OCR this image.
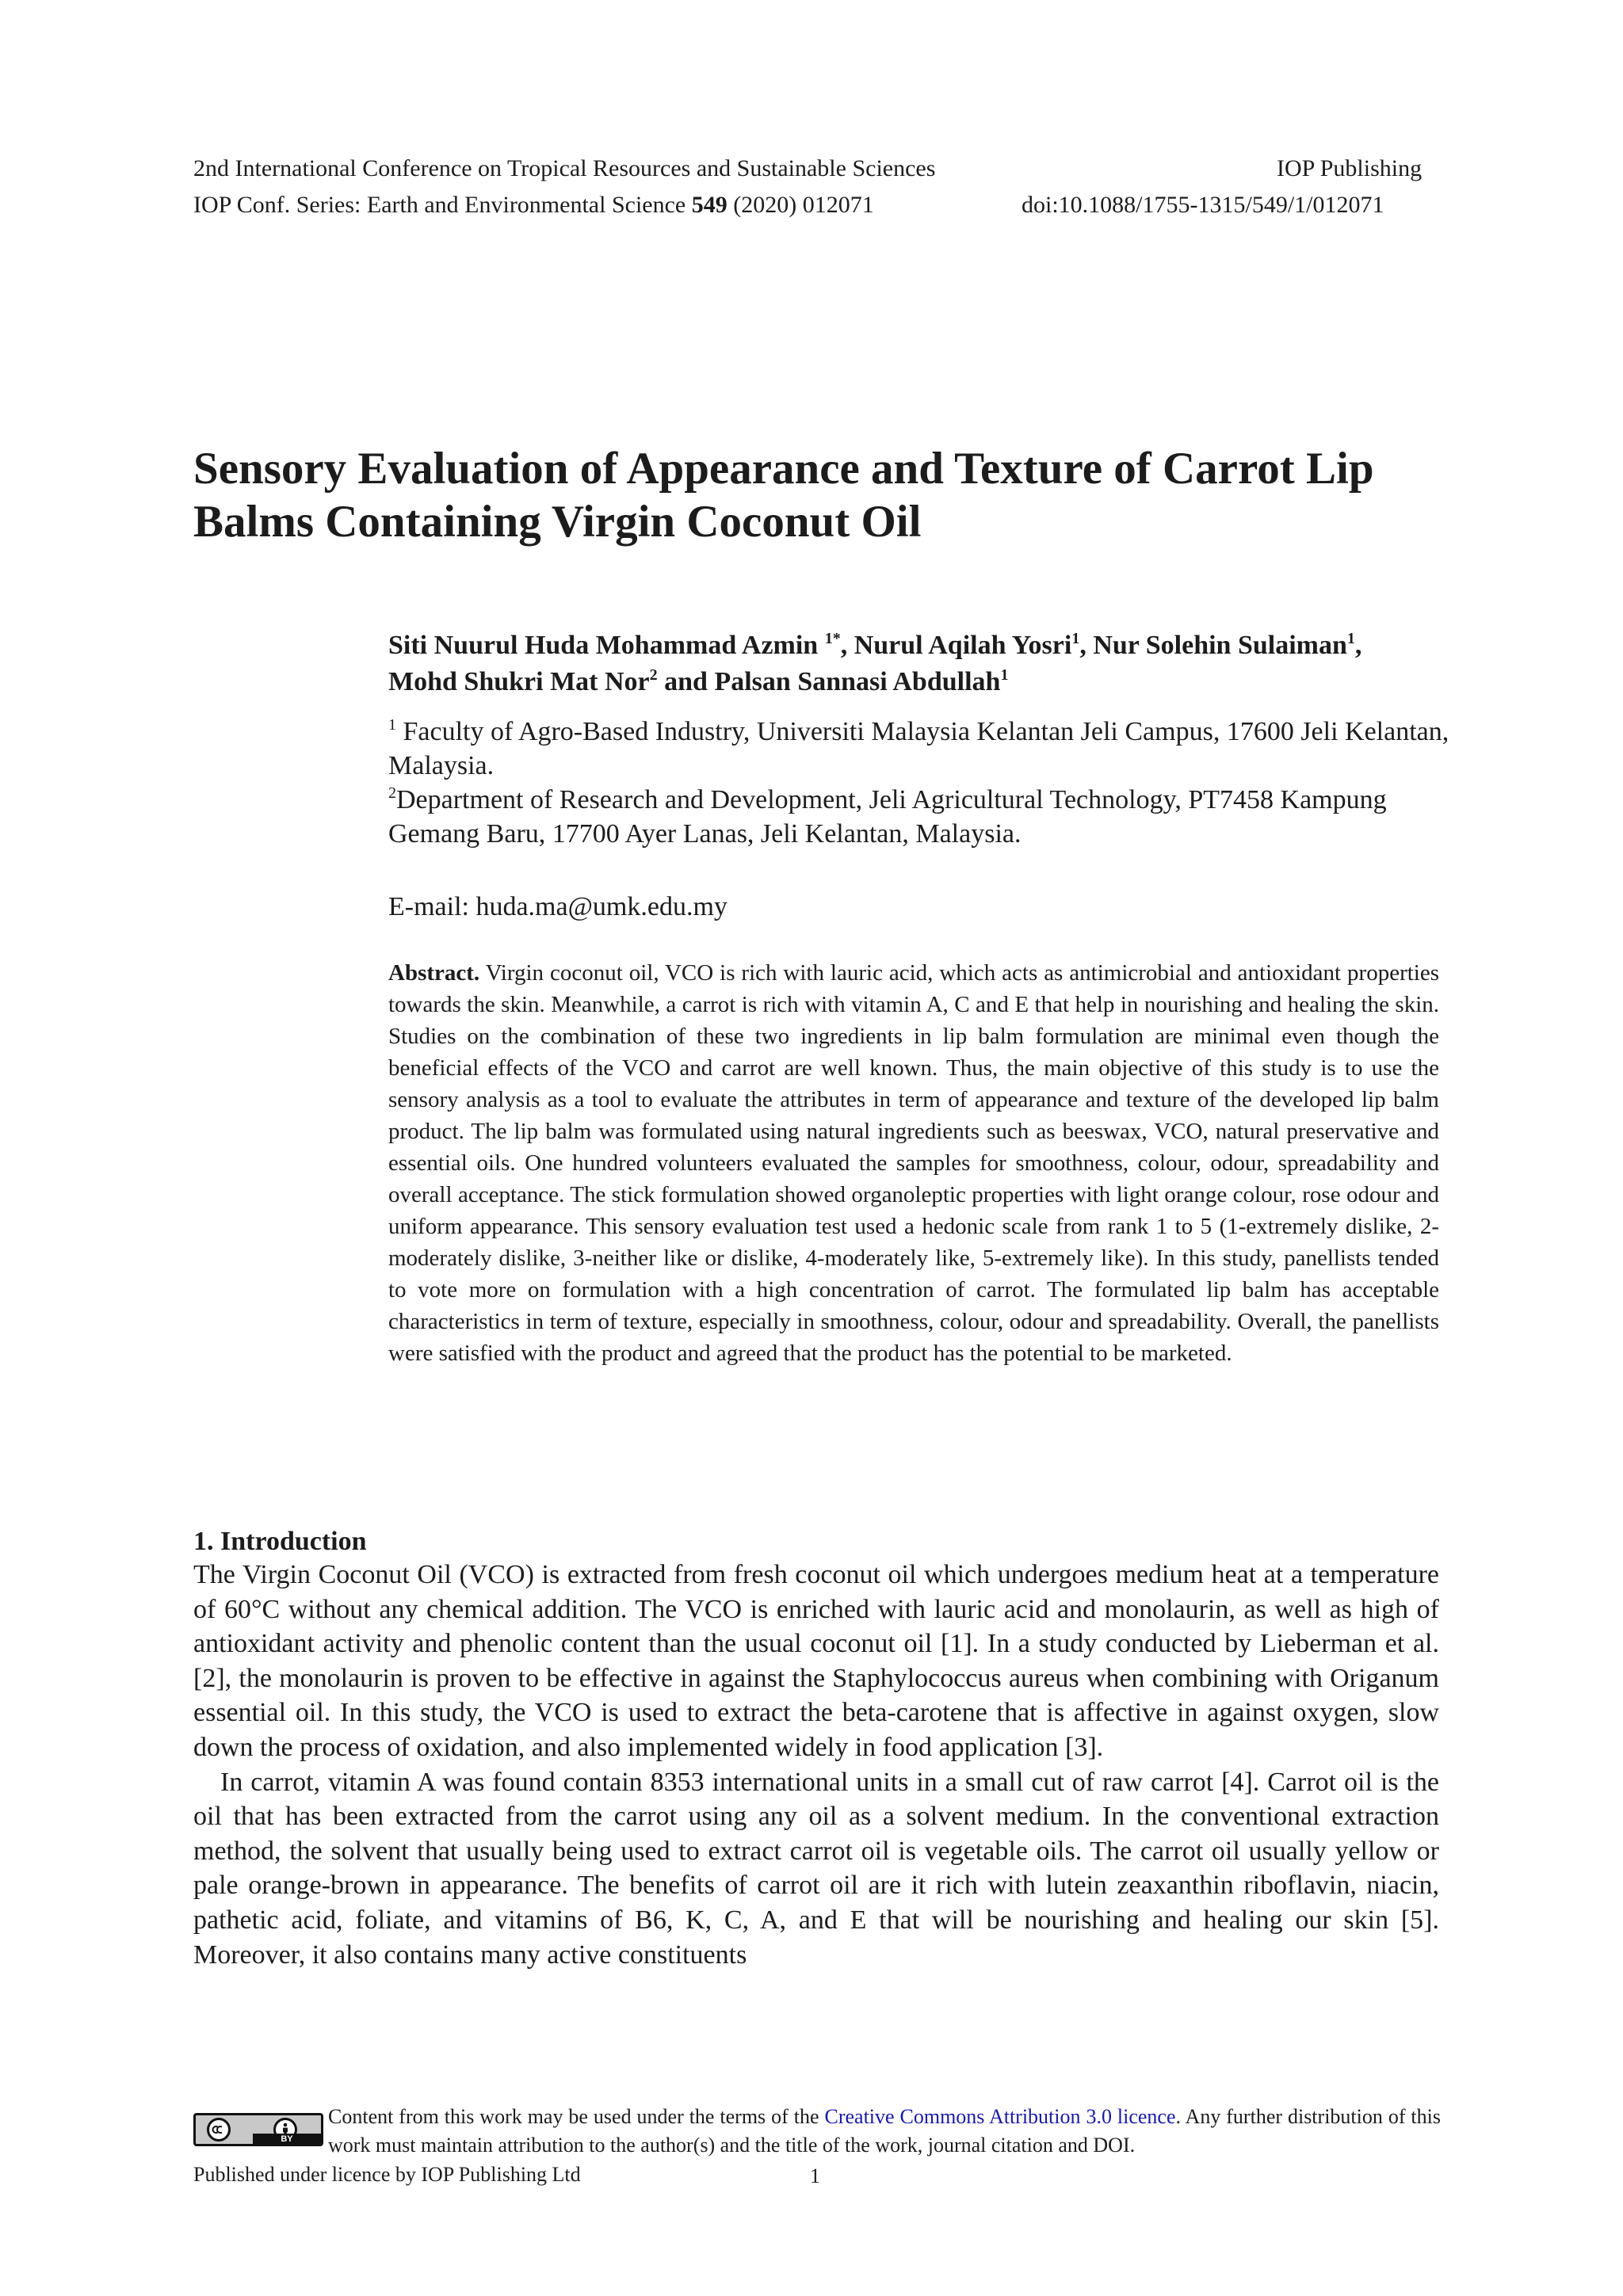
2nd International Conference on Tropical Resources and Sustainable Sciences	IOP Publishing
IOP Conf. Series: Earth and Environmental Science 549 (2020) 012071	doi:10.1088/1755-1315/549/1/012071
Sensory Evaluation of Appearance and Texture of Carrot Lip Balms Containing Virgin Coconut Oil
Siti Nuurul Huda Mohammad Azmin $^{1*}$, Nurul Aqilah Yosri$^1$, Nur Solehin Sulaiman$^1$, Mohd Shukri Mat Nor$^2$ and Palsan Sannasi Abdullah$^1$

$^1$ Faculty of Agro-Based Industry, Universiti Malaysia Kelantan Jeli Campus, 17600 Jeli Kelantan, Malaysia.

$^2$Department of Research and Development, Jeli Agricultural Technology, PT7458 Kampung Gemang Baru, 17700 Ayer Lanas, Jeli Kelantan, Malaysia.

E-mail: huda.ma@umk.edu.my

Abstract. Virgin coconut oil, VCO is rich with lauric acid, which acts as antimicrobial and antioxidant properties towards the skin. Meanwhile, a carrot is rich with vitamin A, C and E that help in nourishing and healing the skin. Studies on the combination of these two ingredients in lip balm formulation are minimal even though the beneficial effects of the VCO and carrot are well known. Thus, the main objective of this study is to use the sensory analysis as a tool to evaluate the attributes in term of appearance and texture of the developed lip balm product. The lip balm was formulated using natural ingredients such as beeswax, VCO, natural preservative and essential oils. One hundred volunteers evaluated the samples for smoothness, colour, odour, spreadability and overall acceptance. The stick formulation showed organoleptic properties with light orange colour, rose odour and uniform appearance. This sensory evaluation test used a hedonic scale from rank 1 to 5 (1-extremely dislike, 2-moderately dislike, 3-neither like or dislike, 4-moderately like, 5-extremely like). In this study, panellists tended to vote more on formulation with a high concentration of carrot. The formulated lip balm has acceptable characteristics in term of texture, especially in smoothness, colour, odour and spreadability. Overall, the panellists were satisfied with the product and agreed that the product has the potential to be marketed.

1. Introduction

The Virgin Coconut Oil (VCO) is extracted from fresh coconut oil which undergoes medium heat at a temperature of 60°C without any chemical addition. The VCO is enriched with lauric acid and monolaurin, as well as high of antioxidant activity and phenolic content than the usual coconut oil [1]. In a study conducted by Lieberman et al. [2], the monolaurin is proven to be effective in against the Staphylococcus aureus when combining with Origanum essential oil. In this study, the VCO is used to extract the beta-carotene that is affective in against oxygen, slow down the process of oxidation, and also implemented widely in food application [3].

In carrot, vitamin A was found contain 8353 international units in a small cut of raw carrot [4]. Carrot oil is the oil that has been extracted from the carrot using any oil as a solvent medium. In the conventional extraction method, the solvent that usually being used to extract carrot oil is vegetable oils. The carrot oil usually yellow or pale orange-brown in appearance. The benefits of carrot oil are it rich with lutein zeaxanthin riboflavin, niacin, pathetic acid, foliate, and vitamins of B6, K, C, A, and E that will be nourishing and healing our skin [5]. Moreover, it also contains many active constituents

BY
Content from this work may be used under the terms of the Creative Commons Attribution 3.0 licence. Any further distribution of this work must maintain attribution to the author(s) and the title of the work, journal citation and DOI.
Published under licence by IOP Publishing Ltd	1
